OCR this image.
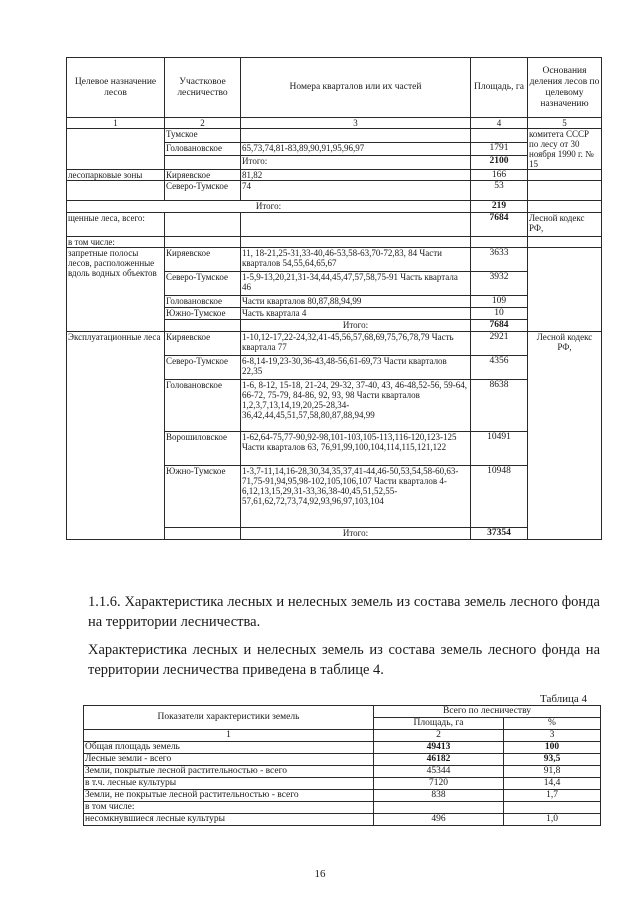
Целевое назначение лесов	Участковое лесничество	Номера кварталов или их частей	Площадь, га	Основания деления лесов по целевому назначению
1	2	3	4	5
	Тумское			комитета СССР по лесу от 30 ноября 1990 г. № 15
	Головановское	65,73,74,81-83,89,90,91,95,96,97	1791	
		Итого:	2100	
лесопарковые зоны	Киряевское	81,82	166	
	Северо-Тумское	74	53	
Итого:			219	
щенные леса, всего:			7684	Лесной кодекс РФ,
в том числе:				
запретные полосы лесов, расположенные вдоль водных объектов	Киряевское	11, 18-21,25-31,33-40,46-53,58-63,70-72,83, 84 Части кварталов 54,55,64,65,67	3633	
	Северо-Тумское	1-5,9-13,20,21,31-34,44,45,47,57,58,75-91 Часть квартала 46	3932	
	Головановское	Части кварталов 80,87,88,94,99	109	
	Южно-Тумское	Часть квартала 4	10	
		Итого:	7684	
Эксплуатационные леса	Киряевское	1-10,12-17,22-24,32,41-45,56,57,68,69,75,76,78,79 Часть квартала 77	2921	Лесной кодекс РФ,
	Северо-Тумское	6-8,14-19,23-30,36-43,48-56,61-69,73 Части кварталов 22,35	4356	
	Головановское	1-6, 8-12, 15-18, 21-24, 29-32, 37-40, 43, 46-48,52-56, 59-64, 66-72, 75-79, 84-86, 92, 93, 98 Части кварталов 1,2,3,7,13,14,19,20,25-28,34-36,42,44,45,51,57,58,80,87,88,94,99	8638	
	Ворошиловское	1-62,64-75,77-90,92-98,101-103,105-113,116-120,123-125 Части кварталов 63, 76,91,99,100,104,114,115,121,122	10491	
	Южно-Тумское	1-3,7-11,14,16-28,30,34,35,37,41-44,46-50,53,54,58-60,63-71,75-91,94,95,98-102,105,106,107 Части кварталов 4-6,12,13,15,29,31-33,36,38-40,45,51,52,55-57,61,62,72,73,74,92,93,96,97,103,104	10948	
		Итого:	37354	

1.1.6. Характеристика лесных и нелесных земель из состава земель лесного фонда на территории лесничества.

Характеристика лесных и нелесных земель из состава земель лесного фонда на территории лесничества приведена в таблице 4.

Таблица 4
Показатели характеристики земель	Всего по лесничеству	
	Площадь, га	%
1	2	3
Общая площадь земель	49413	100
Лесные земли - всего	46182	93,5
Земли, покрытые лесной растительностью - всего	45344	91,8
в т.ч. лесные культуры	7120	14,4
Земли, не покрытые лесной растительностью - всего	838	1,7
в том числе:		
несомкнувшиеся лесные культуры	496	1,0
16
